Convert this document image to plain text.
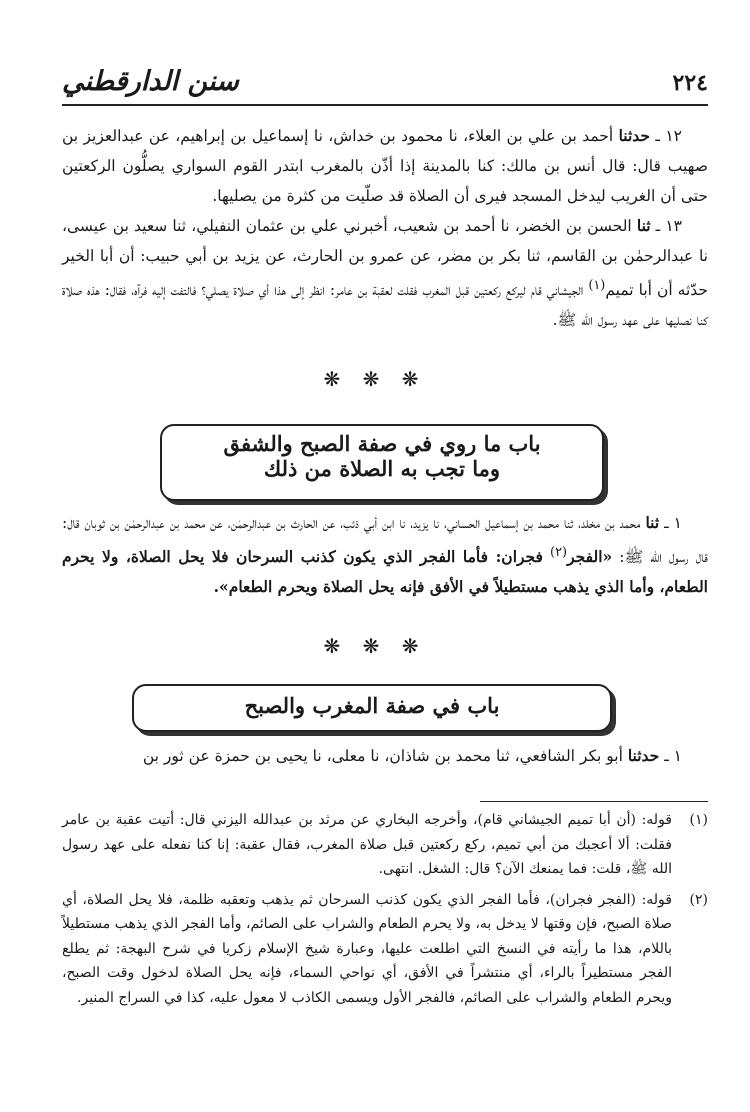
سنن الدارقطني	٢٢٤

١٢ ـ حدثنا أحمد بن علي بن العلاء، نا محمود بن خداش، نا إسماعيل بن إبراهيم، عن عبدالعزيز بن صهيب قال: قال أنس بن مالك: كنا بالمدينة إذا أذّن بالمغرب ابتدر القوم السواري يصلُّون الركعتين حتى أن الغريب ليدخل المسجد فيرى أن الصلاة قد صلّيت من كثرة من يصليها.

١٣ ـ ثنا الحسن بن الخضر، نا أحمد بن شعيب، أخبرني علي بن عثمان النفيلي، ثنا سعيد بن عيسى، نا عبدالرحمٰن بن القاسم، ثنا بكر بن مضر، عن عمرو بن الحارث، عن يزيد بن أبي حبيب: أن أبا الخير حدّثه أن أبا تميم$^{(١)}$ الجيشاني قام ليركع ركعتين قبل المغرب فقلت لعقبة بن عامر: انظر إلى هذا أي صلاة يصلي؟ فالتفت إليه فرآه، فقال: هذه صلاة كنا نصليها على عهد رسول الله ﷺ.

❋ ❋ ❋
باب ما روي في صفة الصبح والشفق
وما تجب به الصلاة من ذلك

١ ـ ثنا محمد بن مخلد، ثنا محمد بن إسماعيل الحساني، نا يزيد، نا ابن أبي ذئب، عن الحارث بن عبدالرحمٰن، عن محمد بن عبدالرحمٰن بن ثوبان قال: قال رسول الله ﷺ: «الفجر$^{(٢)}$ فجران: فأما الفجر الذي يكون كذنب السرحان فلا يحل الصلاة، ولا يحرم الطعام، وأما الذي يذهب مستطيلاً في الأفق فإنه يحل الصلاة ويحرم الطعام».

❋ ❋ ❋
باب في صفة المغرب والصبح

١ ـ حدثنا أبو بكر الشافعي، ثنا محمد بن شاذان، نا معلى، نا يحيى بن حمزة عن ثور بن

(١)
قوله: (أن أبا تميم الجيشاني قام)، وأخرجه البخاري عن مرثد بن عبدالله اليزني قال: أتيت عقبة بن عامر فقلت: ألا أعجبك من أبي تميم، ركع ركعتين قبل صلاة المغرب، فقال عقبة: إنا كنا نفعله على عهد رسول الله ﷺ، قلت: فما يمنعك الآن؟ قال: الشغل. انتهى.
(٢)
قوله: (الفجر فجران)، فأما الفجر الذي يكون كذنب السرحان ثم يذهب وتعقبه ظلمة، فلا يحل الصلاة، أي صلاة الصبح، فإن وقتها لا يدخل به، ولا يحرم الطعام والشراب على الصائم، وأما الفجر الذي يذهب مستطيلاً باللام، هذا ما رأيته في النسخ التي اطلعت عليها، وعبارة شيخ الإسلام زكريا في شرح البهجة: ثم يطلع الفجر مستطيراً بالراء، أي منتشراً في الأفق، أي نواحي السماء، فإنه يحل الصلاة لدخول وقت الصبح، ويحرم الطعام والشراب على الصائم، فالفجر الأول ويسمى الكاذب لا معول عليه، كذا في السراج المنير.
